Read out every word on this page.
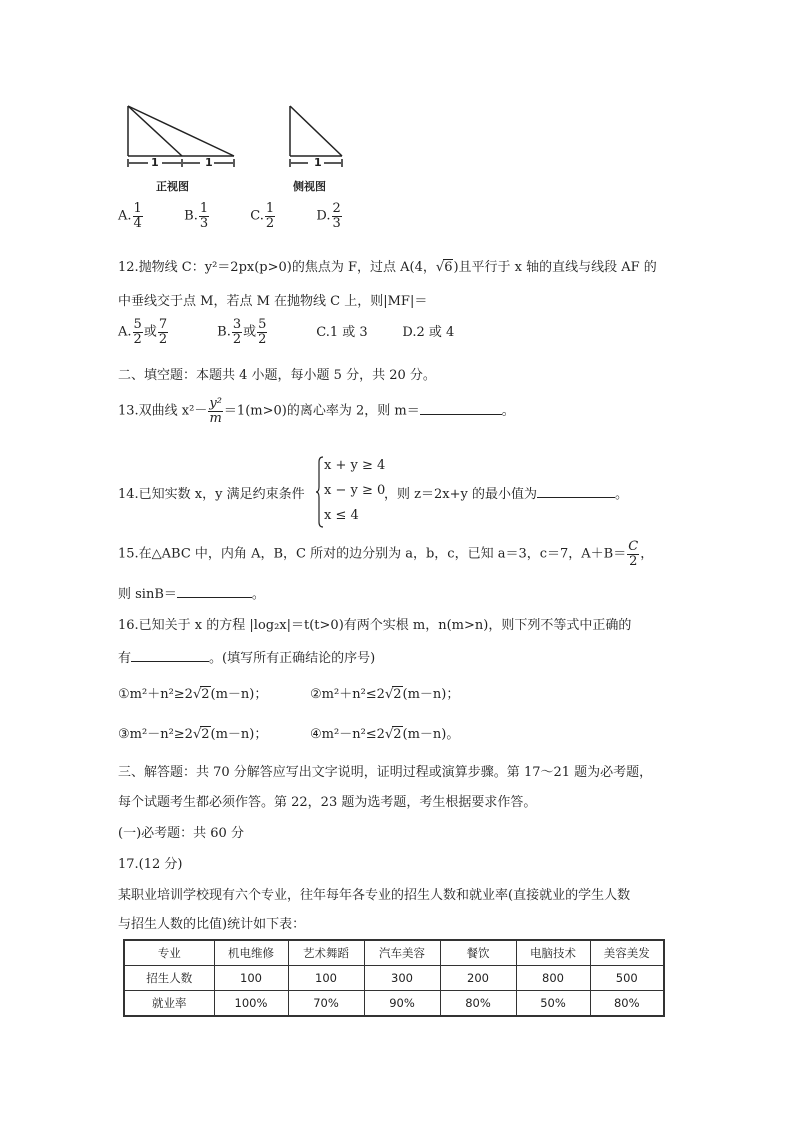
1	1	1
正视图	侧视图
A. $\frac{1}{4}$	B. $\frac{1}{3}$	C. $\frac{1}{2}$	D. $\frac{2}{3}$
12.抛物线 C：y²＝2px(p>0)的焦点为 F，过点 A(4，√6)且平行于 x 轴的直线与线段 AF 的
中垂线交于点 M，若点 M 在抛物线 C 上，则|MF|＝
A. $\frac{5}{2}$ 或 $\frac{7}{2}$	B. $\frac{3}{2}$ 或 $\frac{5}{2}$	C.1 或 3	D.2 或 4
二、填空题：本题共 4 小题，每小题 5 分，共 20 分。
13.双曲线 $x^2- \frac{\text{y²}}{m} =1(m>0)$的离心率为 2，则 m＝	。
14.已知实数 x，y 满足约束条件
x + y ≥ 4
x − y ≥ 0
x ≤ 4
，则 z＝2x+y 的最小值为	。
15.在△ABC 中，内角 A，B，C 所对的边分别为 a，b，c，已知 a＝3，c＝7，$A+B= \frac{C}{2}$ ，
则 sinB＝	。
16.已知关于 x 的方程 |log₂x|＝t(t>0)有两个实根 m，n(m>n)，则下列不等式中正确的
有	。(填写所有正确结论的序号)
①m²＋n²≥2√2(m－n)；	②m²＋n²≤2√2(m－n)；
③m²－n²≥2√2(m－n)；	④m²－n²≤2√2(m－n)。
三、解答题：共 70 分解答应写出文字说明，证明过程或演算步骤。第 17～21 题为必考题，
每个试题考生都必须作答。第 22，23 题为选考题，考生根据要求作答。
(一)必考题：共 60 分
17.(12 分)
某职业培训学校现有六个专业，往年每年各专业的招生人数和就业率(直接就业的学生人数
与招生人数的比值)统计如下表：
专业	机电维修	艺术舞蹈	汽车美容	餐饮	电脑技术	美容美发
招生人数	100	100	300	200	800	500
就业率	100%	70%	90%	80%	50%	80%
